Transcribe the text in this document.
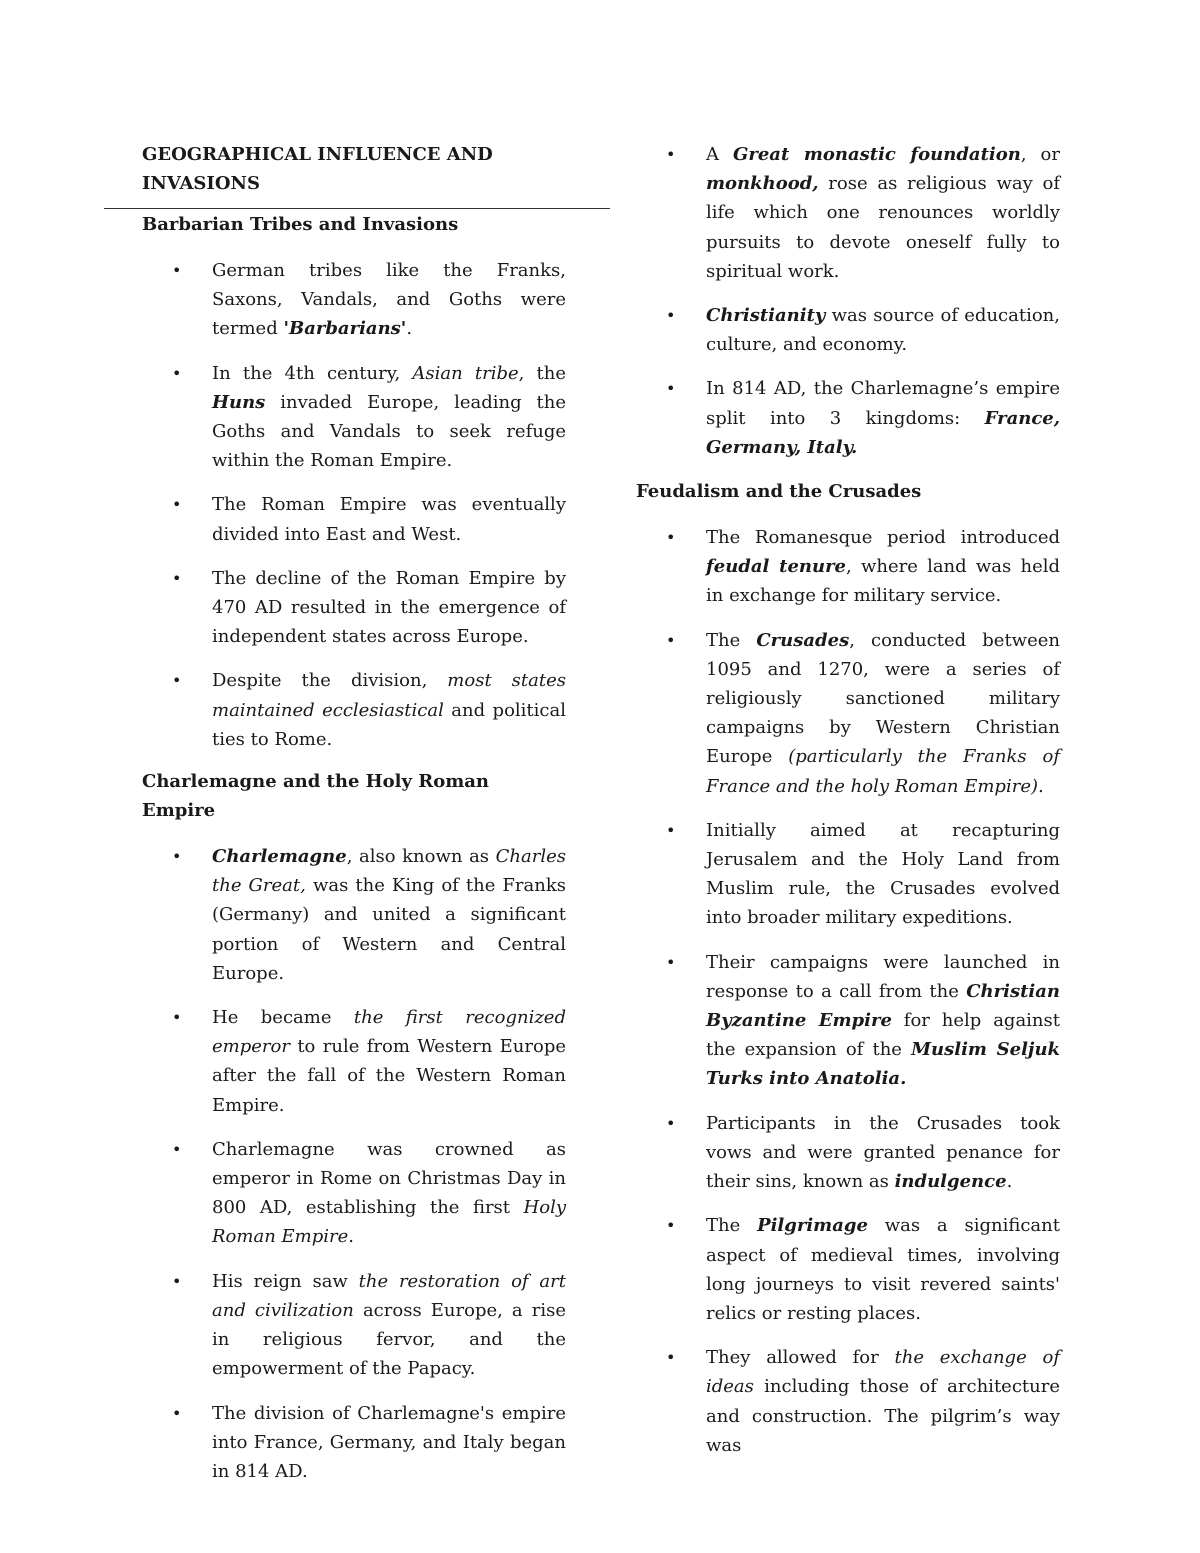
GEOGRAPHICAL INFLUENCE AND INVASIONS
Barbarian Tribes and Invasions
• German tribes like the Franks, Saxons, Vandals, and Goths were termed 'Barbarians'.
• In the 4th century, Asian tribe, the Huns invaded Europe, leading the Goths and Vandals to seek refuge within the Roman Empire.
• The Roman Empire was eventually divided into East and West.
• The decline of the Roman Empire by 470 AD resulted in the emergence of independent states across Europe.
• Despite the division, most states maintained ecclesiastical and political ties to Rome.
Charlemagne and the Holy Roman Empire
• Charlemagne, also known as Charles the Great, was the King of the Franks (Germany) and united a significant portion of Western and Central Europe.
• He became the first recognized emperor to rule from Western Europe after the fall of the Western Roman Empire.
• Charlemagne was crowned as emperor in Rome on Christmas Day in 800 AD, establishing the first Holy Roman Empire.
• His reign saw the restoration of art and civilization across Europe, a rise in religious fervor, and the empowerment of the Papacy.
• The division of Charlemagne's empire into France, Germany, and Italy began in 814 AD.
• A Great monastic foundation, or monkhood, rose as religious way of life which one renounces worldly pursuits to devote oneself fully to spiritual work.
• Christianity was source of education, culture, and economy.
• In 814 AD, the Charlemagne’s empire split into 3 kingdoms: France, Germany, Italy.
Feudalism and the Crusades
• The Romanesque period introduced feudal tenure, where land was held in exchange for military service.
• The Crusades, conducted between 1095 and 1270, were a series of religiously sanctioned military campaigns by Western Christian Europe (particularly the Franks of France and the holy Roman Empire).
• Initially aimed at recapturing Jerusalem and the Holy Land from Muslim rule, the Crusades evolved into broader military expeditions.
• Their campaigns were launched in response to a call from the Christian Byzantine Empire for help against the expansion of the Muslim Seljuk Turks into Anatolia.
• Participants in the Crusades took vows and were granted penance for their sins, known as indulgence.
• The Pilgrimage was a significant aspect of medieval times, involving long journeys to visit revered saints' relics or resting places.
• They allowed for the exchange of ideas including those of architecture and construction. The pilgrim’s way was
